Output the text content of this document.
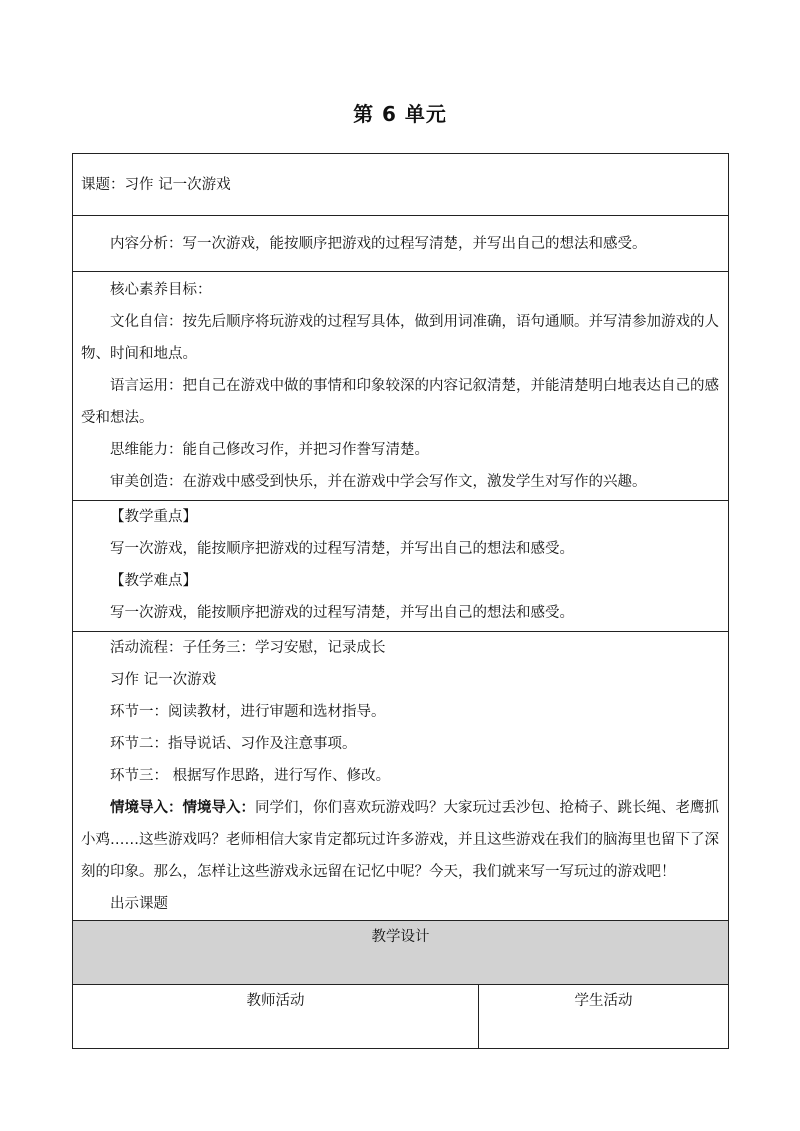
第 6 单元

课题：习作 记一次游戏

内容分析：写一次游戏，能按顺序把游戏的过程写清楚，并写出自己的想法和感受。

核心素养目标：

文化自信：按先后顺序将玩游戏的过程写具体，做到用词准确，语句通顺。并写清参加游戏的人物、时间和地点。

语言运用：把自己在游戏中做的事情和印象较深的内容记叙清楚，并能清楚明白地表达自己的感受和想法。

思维能力：能自己修改习作，并把习作誊写清楚。

审美创造：在游戏中感受到快乐，并在游戏中学会写作文，激发学生对写作的兴趣。

【教学重点】

写一次游戏，能按顺序把游戏的过程写清楚，并写出自己的想法和感受。

【教学难点】

写一次游戏，能按顺序把游戏的过程写清楚，并写出自己的想法和感受。

活动流程：子任务三：学习安慰，记录成长

习作 记一次游戏

环节一：阅读教材，进行审题和选材指导。

环节二：指导说话、习作及注意事项。

环节三： 根据写作思路，进行写作、修改。

情境导入：情境导入：同学们，你们喜欢玩游戏吗？大家玩过丢沙包、抢椅子、跳长绳、老鹰抓小鸡……这些游戏吗？老师相信大家肯定都玩过许多游戏，并且这些游戏在我们的脑海里也留下了深刻的印象。那么，怎样让这些游戏永远留在记忆中呢？今天，我们就来写一写玩过的游戏吧！

出示课题

教学设计
教师活动	学生活动
